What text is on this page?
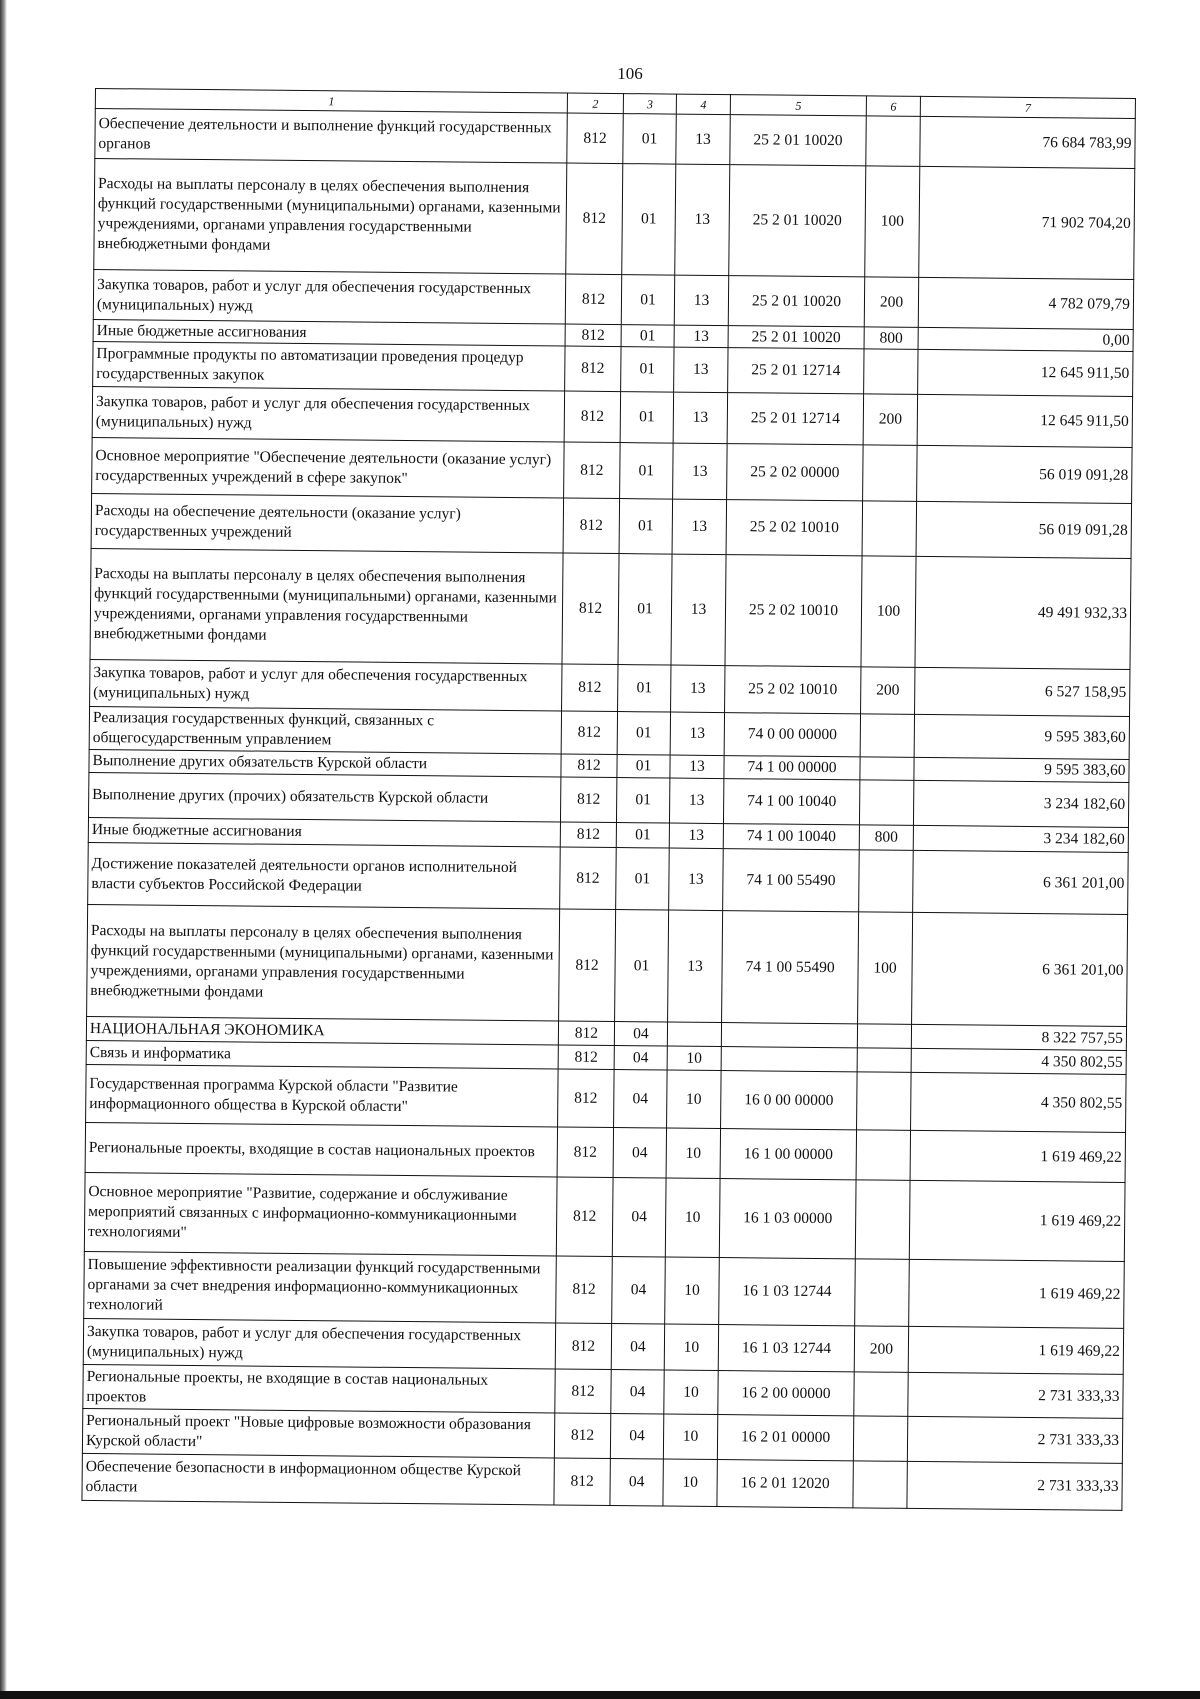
106
1	2	3	4	5	6	7
Обеспечение деятельности и выполнение функций государственных органов	812	01	13	25 2 01 10020		76 684 783,99
Расходы на выплаты персоналу в целях обеспечения выполнения функций государственными (муниципальными) органами, казенными учреждениями, органами управления государственными внебюджетными фондами	812	01	13	25 2 01 10020	100	71 902 704,20
Закупка товаров, работ и услуг для обеспечения государственных (муниципальных) нужд	812	01	13	25 2 01 10020	200	4 782 079,79
Иные бюджетные ассигнования	812	01	13	25 2 01 10020	800	0,00
Программные продукты по автоматизации проведения процедур государственных закупок	812	01	13	25 2 01 12714		12 645 911,50
Закупка товаров, работ и услуг для обеспечения государственных (муниципальных) нужд	812	01	13	25 2 01 12714	200	12 645 911,50
Основное мероприятие "Обеспечение деятельности (оказание услуг) государственных учреждений в сфере закупок"	812	01	13	25 2 02 00000		56 019 091,28
Расходы на обеспечение деятельности (оказание услуг) государственных учреждений	812	01	13	25 2 02 10010		56 019 091,28
Расходы на выплаты персоналу в целях обеспечения выполнения функций государственными (муниципальными) органами, казенными учреждениями, органами управления государственными внебюджетными фондами	812	01	13	25 2 02 10010	100	49 491 932,33
Закупка товаров, работ и услуг для обеспечения государственных (муниципальных) нужд	812	01	13	25 2 02 10010	200	6 527 158,95
Реализация государственных функций, связанных с общегосударственным управлением	812	01	13	74 0 00 00000		9 595 383,60
Выполнение других обязательств Курской области	812	01	13	74 1 00 00000		9 595 383,60
Выполнение других (прочих) обязательств Курской области	812	01	13	74 1 00 10040		3 234 182,60
Иные бюджетные ассигнования	812	01	13	74 1 00 10040	800	3 234 182,60
Достижение показателей деятельности органов исполнительной власти субъектов Российской Федерации	812	01	13	74 1 00 55490		6 361 201,00
Расходы на выплаты персоналу в целях обеспечения выполнения функций государственными (муниципальными) органами, казенными учреждениями, органами управления государственными внебюджетными фондами	812	01	13	74 1 00 55490	100	6 361 201,00
НАЦИОНАЛЬНАЯ ЭКОНОМИКА	812	04				8 322 757,55
Связь и информатика	812	04	10			4 350 802,55
Государственная программа Курской области "Развитие информационного общества в Курской области"	812	04	10	16 0 00 00000		4 350 802,55
Региональные проекты, входящие в состав национальных проектов	812	04	10	16 1 00 00000		1 619 469,22
Основное мероприятие "Развитие, содержание и обслуживание мероприятий связанных с информационно-коммуникационными технологиями"	812	04	10	16 1 03 00000		1 619 469,22
Повышение эффективности реализации функций государственными органами за счет внедрения информационно-коммуникационных технологий	812	04	10	16 1 03 12744		1 619 469,22
Закупка товаров, работ и услуг для обеспечения государственных (муниципальных) нужд	812	04	10	16 1 03 12744	200	1 619 469,22
Региональные проекты, не входящие в состав национальных проектов	812	04	10	16 2 00 00000		2 731 333,33
Региональный проект "Новые цифровые возможности образования Курской области"	812	04	10	16 2 01 00000		2 731 333,33
Обеспечение безопасности в информационном обществе Курской области	812	04	10	16 2 01 12020		2 731 333,33
